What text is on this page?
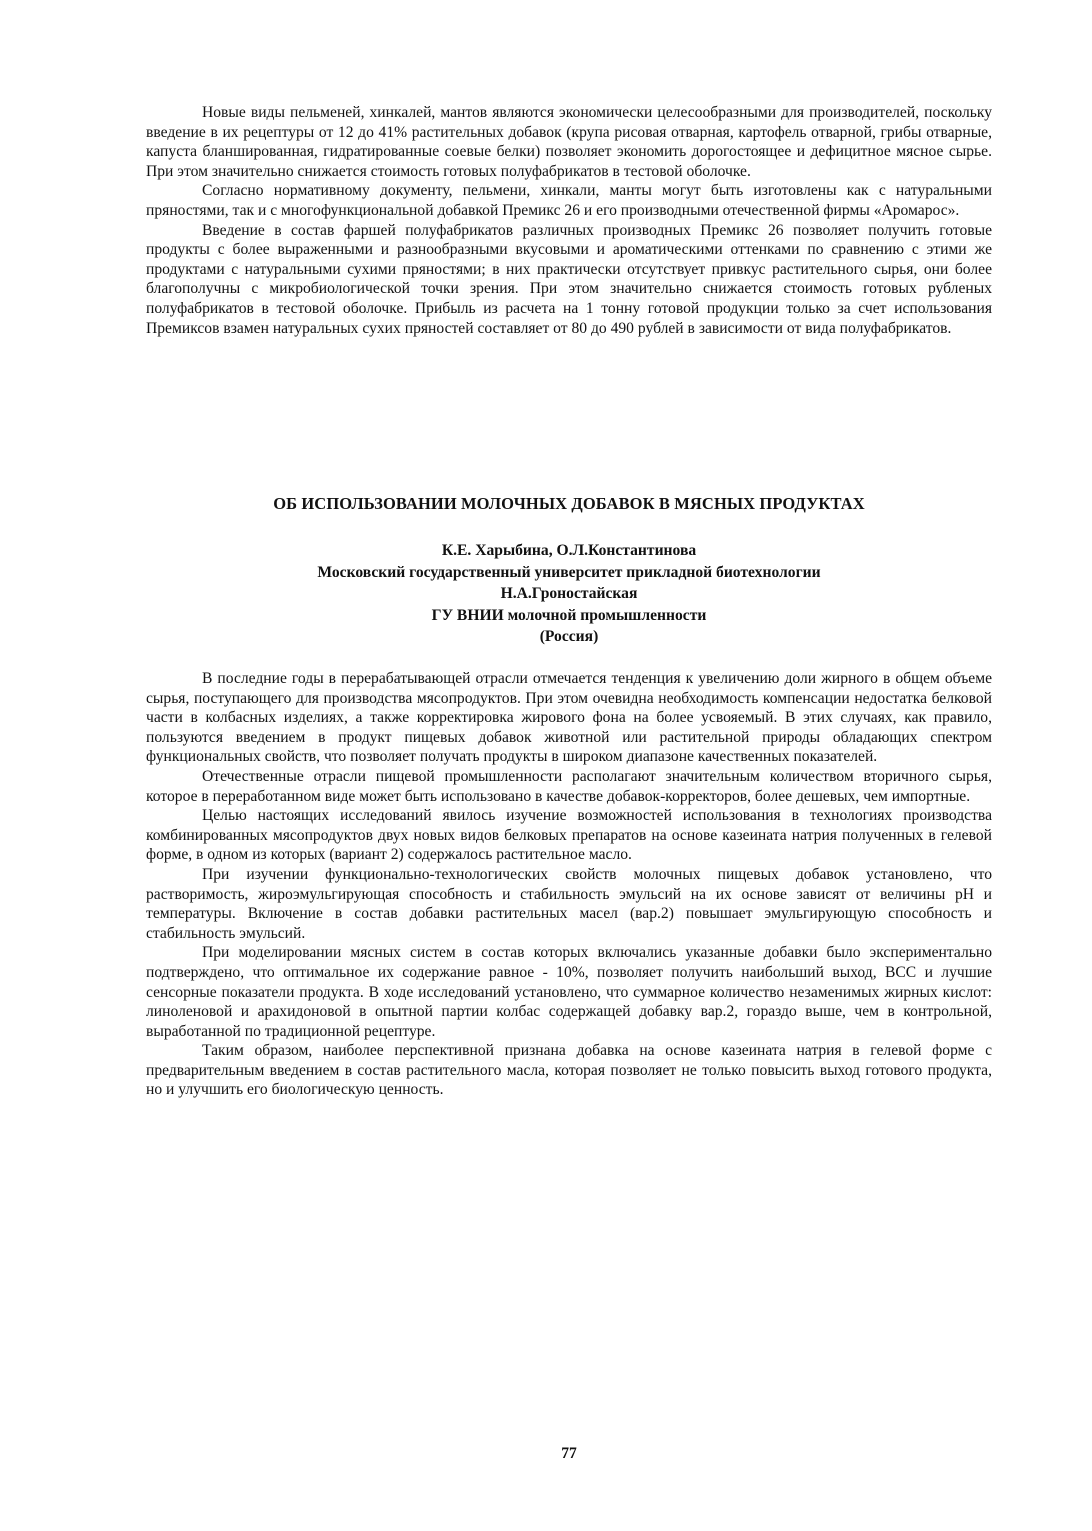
Новые виды пельменей, хинкалей, мантов являются экономически целесообразными для производителей, поскольку введение в их рецептуры от 12 до 41% растительных добавок (крупа рисовая отварная, картофель отварной, грибы отварные, капуста бланшированная, гидратированные соевые белки) позволяет экономить дорогостоящее и дефицитное мясное сырье. При этом значительно снижается стоимость готовых полуфабрикатов в тестовой оболочке.

Согласно нормативному документу, пельмени, хинкали, манты могут быть изготовлены как с натуральными пряностями, так и с многофункциональной добавкой Премикс 26 и его производными отечественной фирмы «Аромарос».

Введение в состав фаршей полуфабрикатов различных производных Премикс 26 позволяет получить готовые продукты с более выраженными и разнообразными вкусовыми и ароматическими оттенками по сравнению с этими же продуктами с натуральными сухими пряностями; в них практически отсутствует привкус растительного сырья, они более благополучны с микробиологической точки зрения. При этом значительно снижается стоимость готовых рубленых полуфабрикатов в тестовой оболочке. Прибыль из расчета на 1 тонну готовой продукции только за счет использования Премиксов взамен натуральных сухих пряностей составляет от 80 до 490 рублей в зависимости от вида полуфабрикатов.

ОБ ИСПОЛЬЗОВАНИИ МОЛОЧНЫХ ДОБАВОК В МЯСНЫХ ПРОДУКТАХ
К.Е. Харыбина, О.Л.Константинова
Московский государственный университет прикладной биотехнологии
Н.А.Гроностайская
ГУ ВНИИ молочной промышленности
(Россия)

В последние годы в перерабатывающей отрасли отмечается тенденция к увеличению доли жирного в общем объеме сырья, поступающего для производства мясопродуктов. При этом очевидна необходимость компенсации недостатка белковой части в колбасных изделиях, а также корректировка жирового фона на более усвояемый. В этих случаях, как правило, пользуются введением в продукт пищевых добавок животной или растительной природы обладающих спектром функциональных свойств, что позволяет получать продукты в широком диапазоне качественных показателей.

Отечественные отрасли пищевой промышленности располагают значительным количеством вторичного сырья, которое в переработанном виде может быть использовано в качестве добавок-корректоров, более дешевых, чем импортные.

Целью настоящих исследований явилось изучение возможностей использования в технологиях производства комбинированных мясопродуктов двух новых видов белковых препаратов на основе казеината натрия полученных в гелевой форме, в одном из которых (вариант 2) содержалось растительное масло.

При изучении функционально-технологических свойств молочных пищевых добавок установлено, что растворимость, жироэмульгирующая способность и стабильность эмульсий на их основе зависят от величины pH и температуры. Включение в состав добавки растительных масел (вар.2) повышает эмульгирующую способность и стабильность эмульсий.

При моделировании мясных систем в состав которых включались указанные добавки было экспериментально подтверждено, что оптимальное их содержание равное - 10%, позволяет получить наибольший выход, ВСС и лучшие сенсорные показатели продукта. В ходе исследований установлено, что суммарное количество незаменимых жирных кислот: линоленовой и арахидоновой в опытной партии колбас содержащей добавку вар.2, гораздо выше, чем в контрольной, выработанной по традиционной рецептуре.

Таким образом, наиболее перспективной признана добавка на основе казеината натрия в гелевой форме с предварительным введением в состав растительного масла, которая позволяет не только повысить выход готового продукта, но и улучшить его биологическую ценность.

77
